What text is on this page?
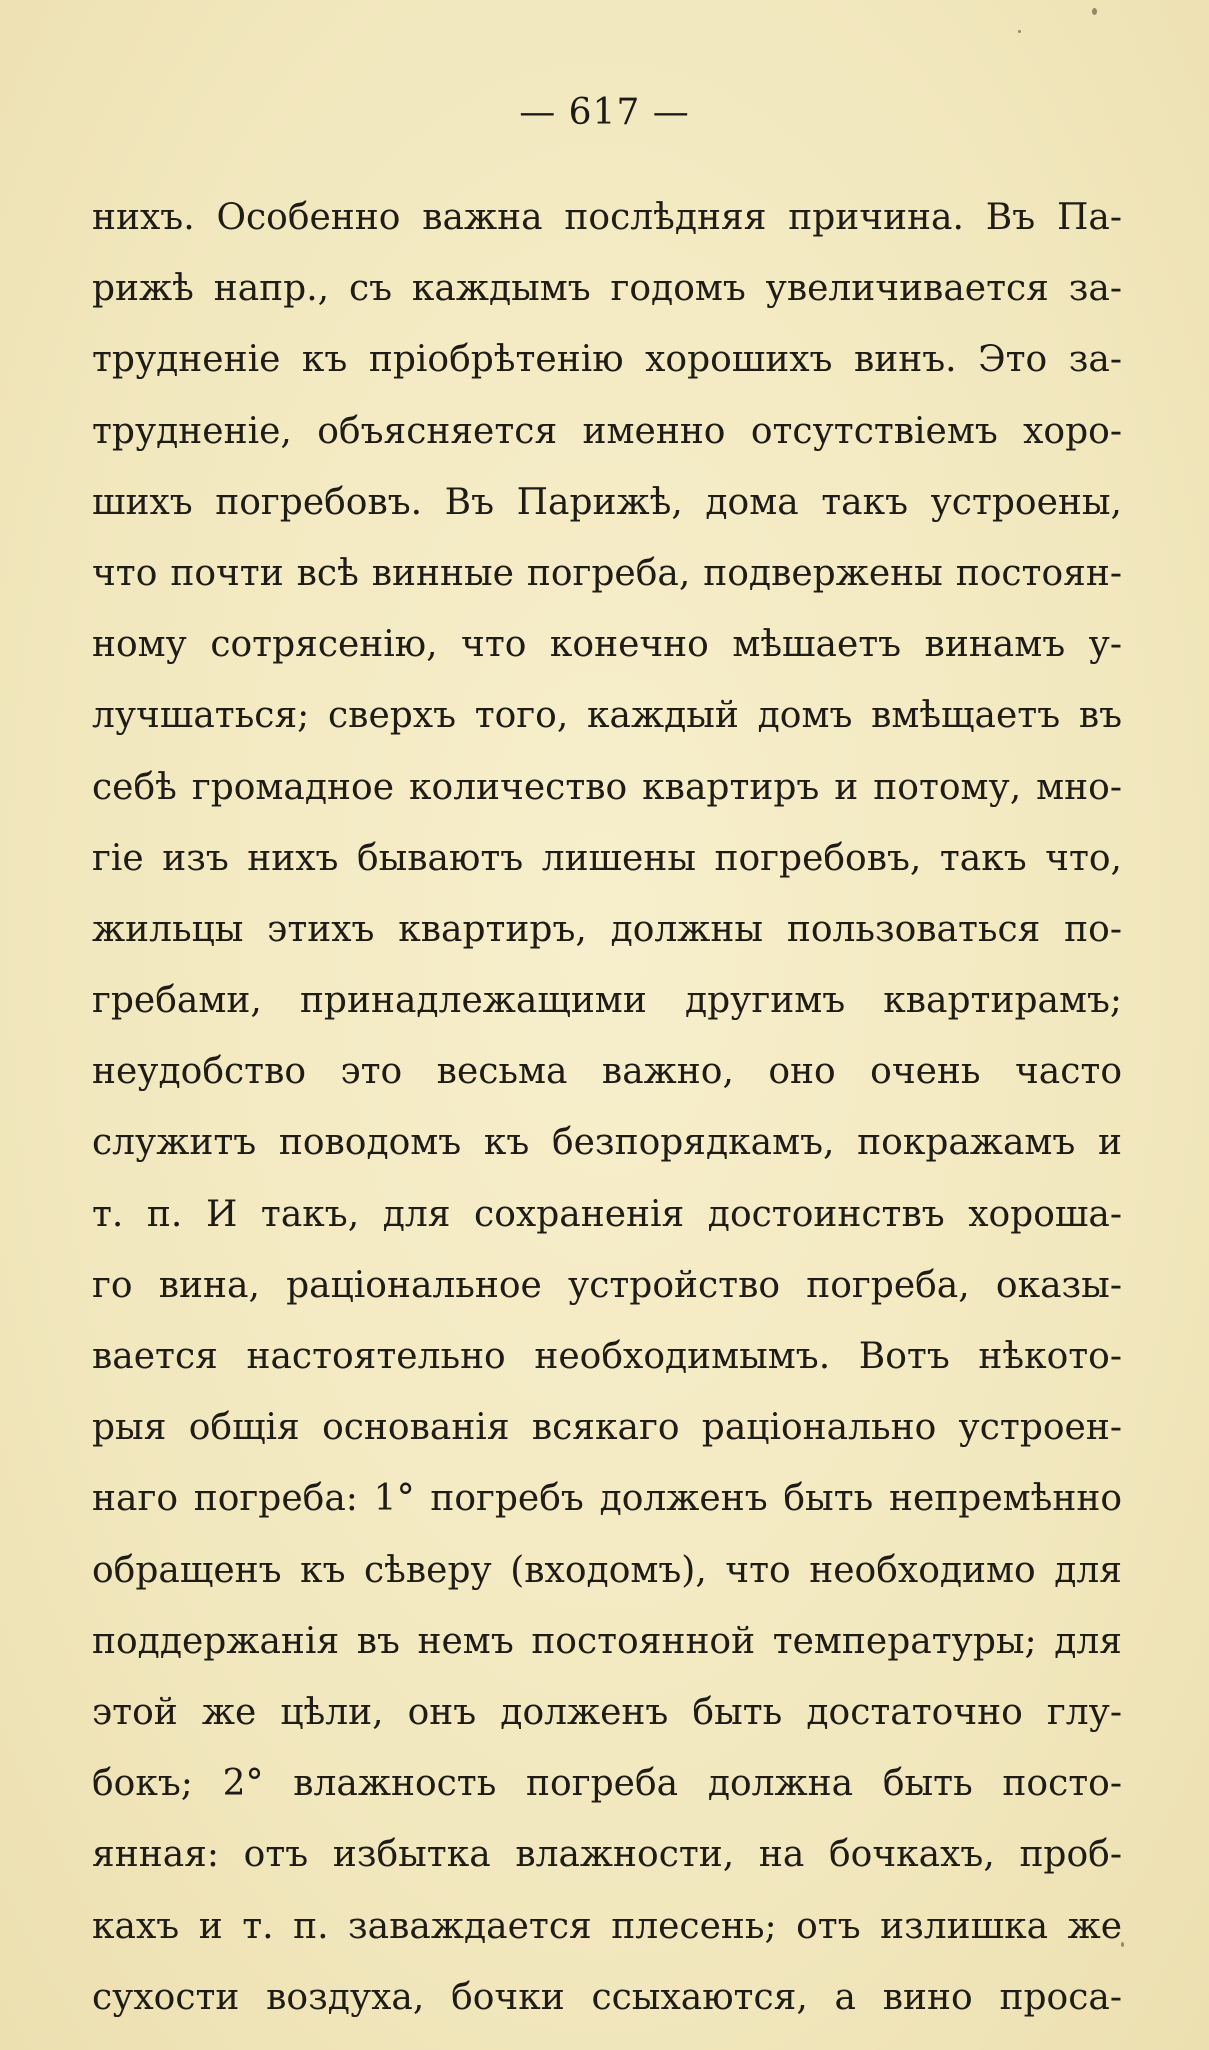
— 617 —
нихъ. Особенно важна послѣдняя причина. Въ Па-
рижѣ напр., съ каждымъ годомъ увеличивается за-
трудненіе къ пріобрѣтенію хорошихъ винъ. Это за-
трудненіе, объясняется именно отсутствіемъ хоро-
шихъ погребовъ. Въ Парижѣ, дома такъ устроены,
что почти всѣ винные погреба, подвержены постоян-
ному сотрясенію, что конечно мѣшаетъ винамъ у-
лучшаться; сверхъ того, каждый домъ вмѣщаетъ въ
себѣ громадное количество квартиръ и потому, мно-
гіе изъ нихъ бываютъ лишены погребовъ, такъ что,
жильцы этихъ квартиръ, должны пользоваться по-
гребами, принадлежащими другимъ квартирамъ;
неудобство это весьма важно, оно очень часто
служитъ поводомъ къ безпорядкамъ, покражамъ и
т. п. И такъ, для сохраненія достоинствъ хороша-
го вина, раціональное устройство погреба, оказы-
вается настоятельно необходимымъ. Вотъ нѣкото-
рыя общія основанія всякаго раціонально устроен-
наго погреба: 1° погребъ долженъ быть непремѣнно
обращенъ къ сѣверу (входомъ), что необходимо для
поддержанія въ немъ постоянной температуры; для
этой же цѣли, онъ долженъ быть достаточно глу-
бокъ; 2° влажность погреба должна быть посто-
янная: отъ избытка влажности, на бочкахъ, проб-
кахъ и т. п. заваждается плесень; отъ излишка же
сухости воздуха, бочки ссыхаются, а вино проса-
